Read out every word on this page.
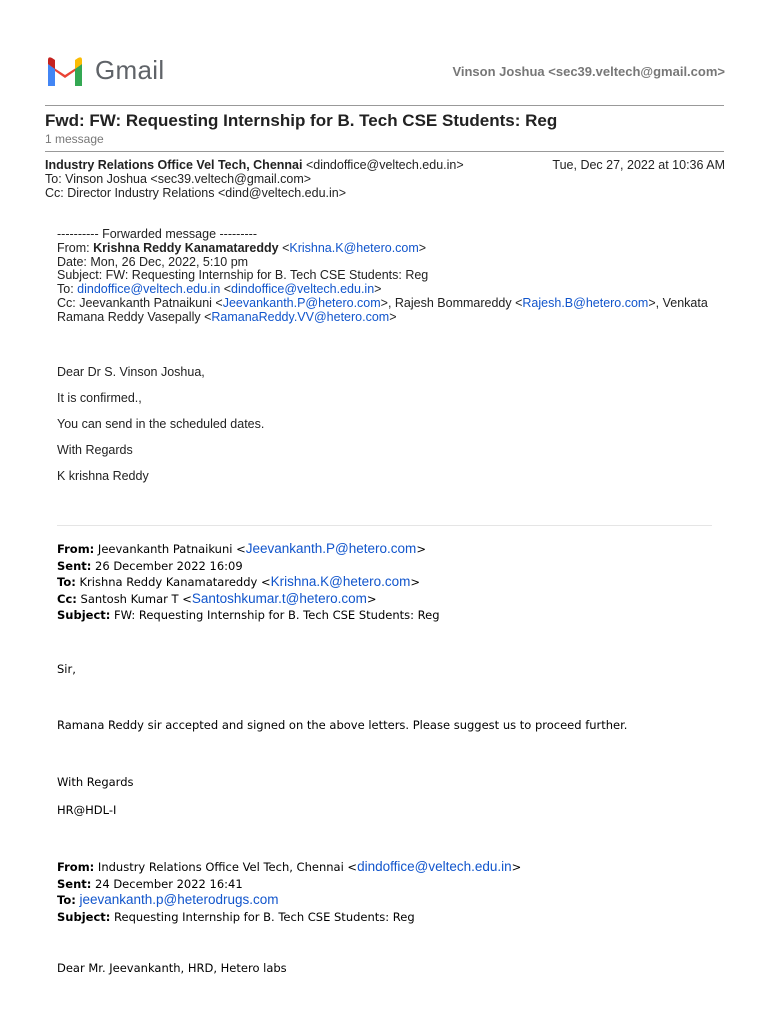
Gmail	Vinson Joshua <sec39.veltech@gmail.com>
Fwd: FW: Requesting Internship for B. Tech CSE Students: Reg
1 message
Industry Relations Office Vel Tech, Chennai <dindoffice@veltech.edu.in>
To: Vinson Joshua <sec39.veltech@gmail.com>
Cc: Director Industry Relations <dind@veltech.edu.in>
Tue, Dec 27, 2022 at 10:36 AM
---------- Forwarded message ---------
From: Krishna Reddy Kanamatareddy <Krishna.K@hetero.com>
Date: Mon, 26 Dec, 2022, 5:10 pm
Subject: FW: Requesting Internship for B. Tech CSE Students: Reg
To: dindoffice@veltech.edu.in <dindoffice@veltech.edu.in>
Cc: Jeevankanth Patnaikuni <Jeevankanth.P@hetero.com>, Rajesh Bommareddy <Rajesh.B@hetero.com>, Venkata Ramana Reddy Vasepally <RamanaReddy.VV@hetero.com>

Dear Dr S. Vinson Joshua,

It is confirmed.,

You can send in the scheduled dates.

With Regards

K krishna Reddy

From: Jeevankanth Patnaikuni <Jeevankanth.P@hetero.com>
Sent: 26 December 2022 16:09
To: Krishna Reddy Kanamatareddy <Krishna.K@hetero.com>
Cc: Santosh Kumar T <Santoshkumar.t@hetero.com>
Subject: FW: Requesting Internship for B. Tech CSE Students: Reg

Sir,

Ramana Reddy sir accepted and signed on the above letters. Please suggest us to proceed further.

With Regards

HR@HDL-I

From: Industry Relations Office Vel Tech, Chennai <dindoffice@veltech.edu.in>
Sent: 24 December 2022 16:41
To: jeevankanth.p@heterodrugs.com
Subject: Requesting Internship for B. Tech CSE Students: Reg

Dear Mr. Jeevankanth, HRD, Hetero labs
